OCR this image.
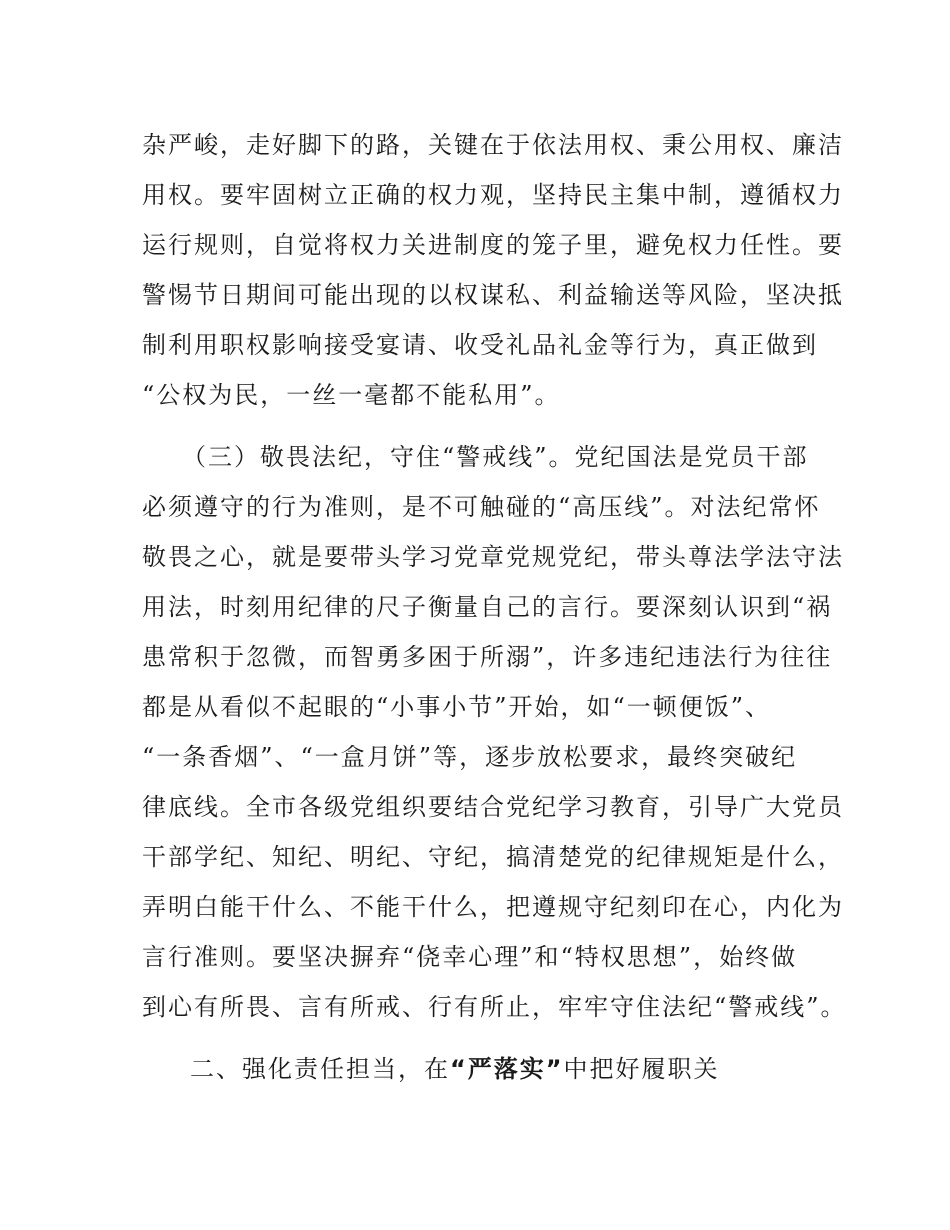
杂严峻，走好脚下的路，关键在于依法用权、秉公用权、廉洁
用权。要牢固树立正确的权力观，坚持民主集中制，遵循权力
运行规则，自觉将权力关进制度的笼子里，避免权力任性。要
警惕节日期间可能出现的以权谋私、利益输送等风险，坚决抵
制利用职权影响接受宴请、收受礼品礼金等行为，真正做到
“公权为民，一丝一毫都不能私用”。
　　（三）敬畏法纪，守住“警戒线”。党纪国法是党员干部
必须遵守的行为准则，是不可触碰的“高压线”。对法纪常怀
敬畏之心，就是要带头学习党章党规党纪，带头尊法学法守法
用法，时刻用纪律的尺子衡量自己的言行。要深刻认识到“祸
患常积于忽微，而智勇多困于所溺”，许多违纪违法行为往往
都是从看似不起眼的“小事小节”开始，如“一顿便饭”、
“一条香烟”、“一盒月饼”等，逐步放松要求，最终突破纪
律底线。全市各级党组织要结合党纪学习教育，引导广大党员
干部学纪、知纪、明纪、守纪，搞清楚党的纪律规矩是什么，
弄明白能干什么、不能干什么，把遵规守纪刻印在心，内化为
言行准则。要坚决摒弃“侥幸心理”和“特权思想”，始终做
到心有所畏、言有所戒、行有所止，牢牢守住法纪“警戒线”。
二、强化责任担当，在“严落实”中把好履职关
